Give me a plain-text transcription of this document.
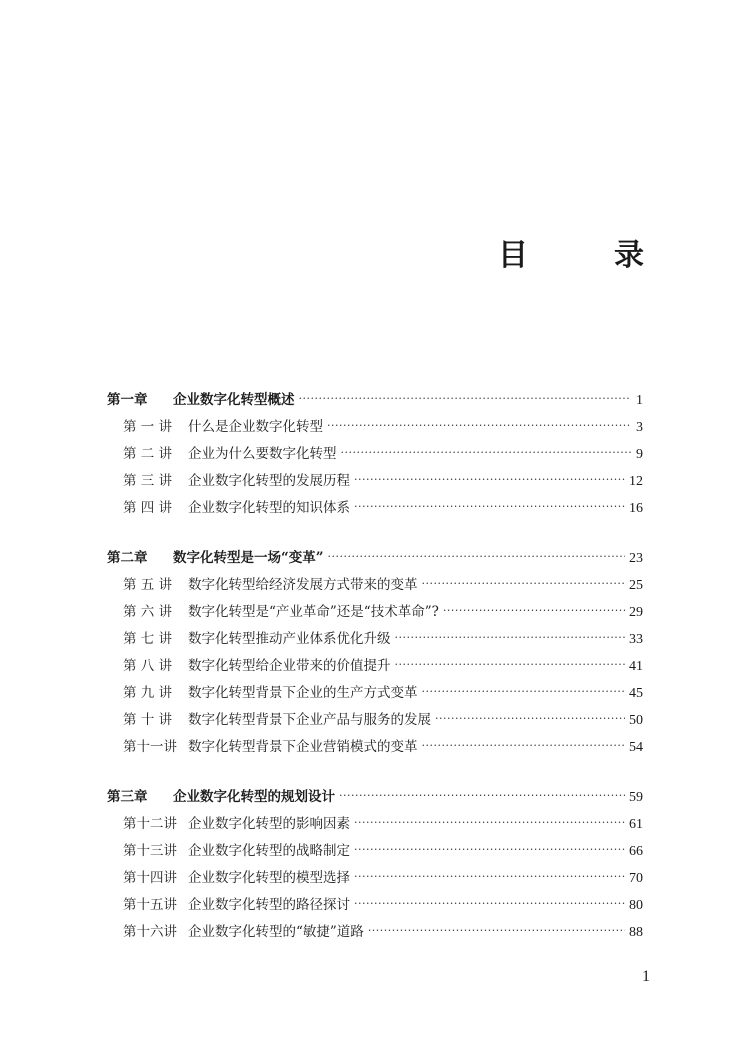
目　录
第一章	企业数字化转型概述 ·····	1
第 一 讲	什么是企业数字化转型 ·····	3
第 二 讲	企业为什么要数字化转型 ·····	9
第 三 讲	企业数字化转型的发展历程 ·····	12
第 四 讲	企业数字化转型的知识体系 ·····	16
第二章	数字化转型是一场“变革” ·····	23
第 五 讲	数字化转型给经济发展方式带来的变革 ·····	25
第 六 讲	数字化转型是“产业革命”还是“技术革命”? ·····	29
第 七 讲	数字化转型推动产业体系优化升级 ·····	33
第 八 讲	数字化转型给企业带来的价值提升 ·····	41
第 九 讲	数字化转型背景下企业的生产方式变革 ·····	45
第 十 讲	数字化转型背景下企业产品与服务的发展 ·····	50
第十一讲 数字化转型背景下企业营销模式的变革 ·····	54
第三章	企业数字化转型的规划设计 ·····	59
第十二讲 企业数字化转型的影响因素 ·····	61
第十三讲 企业数字化转型的战略制定 ·····	66
第十四讲 企业数字化转型的模型选择 ·····	70
第十五讲 企业数字化转型的路径探讨 ·····	80
第十六讲 企业数字化转型的“敏捷”道路 ·····	88
1
